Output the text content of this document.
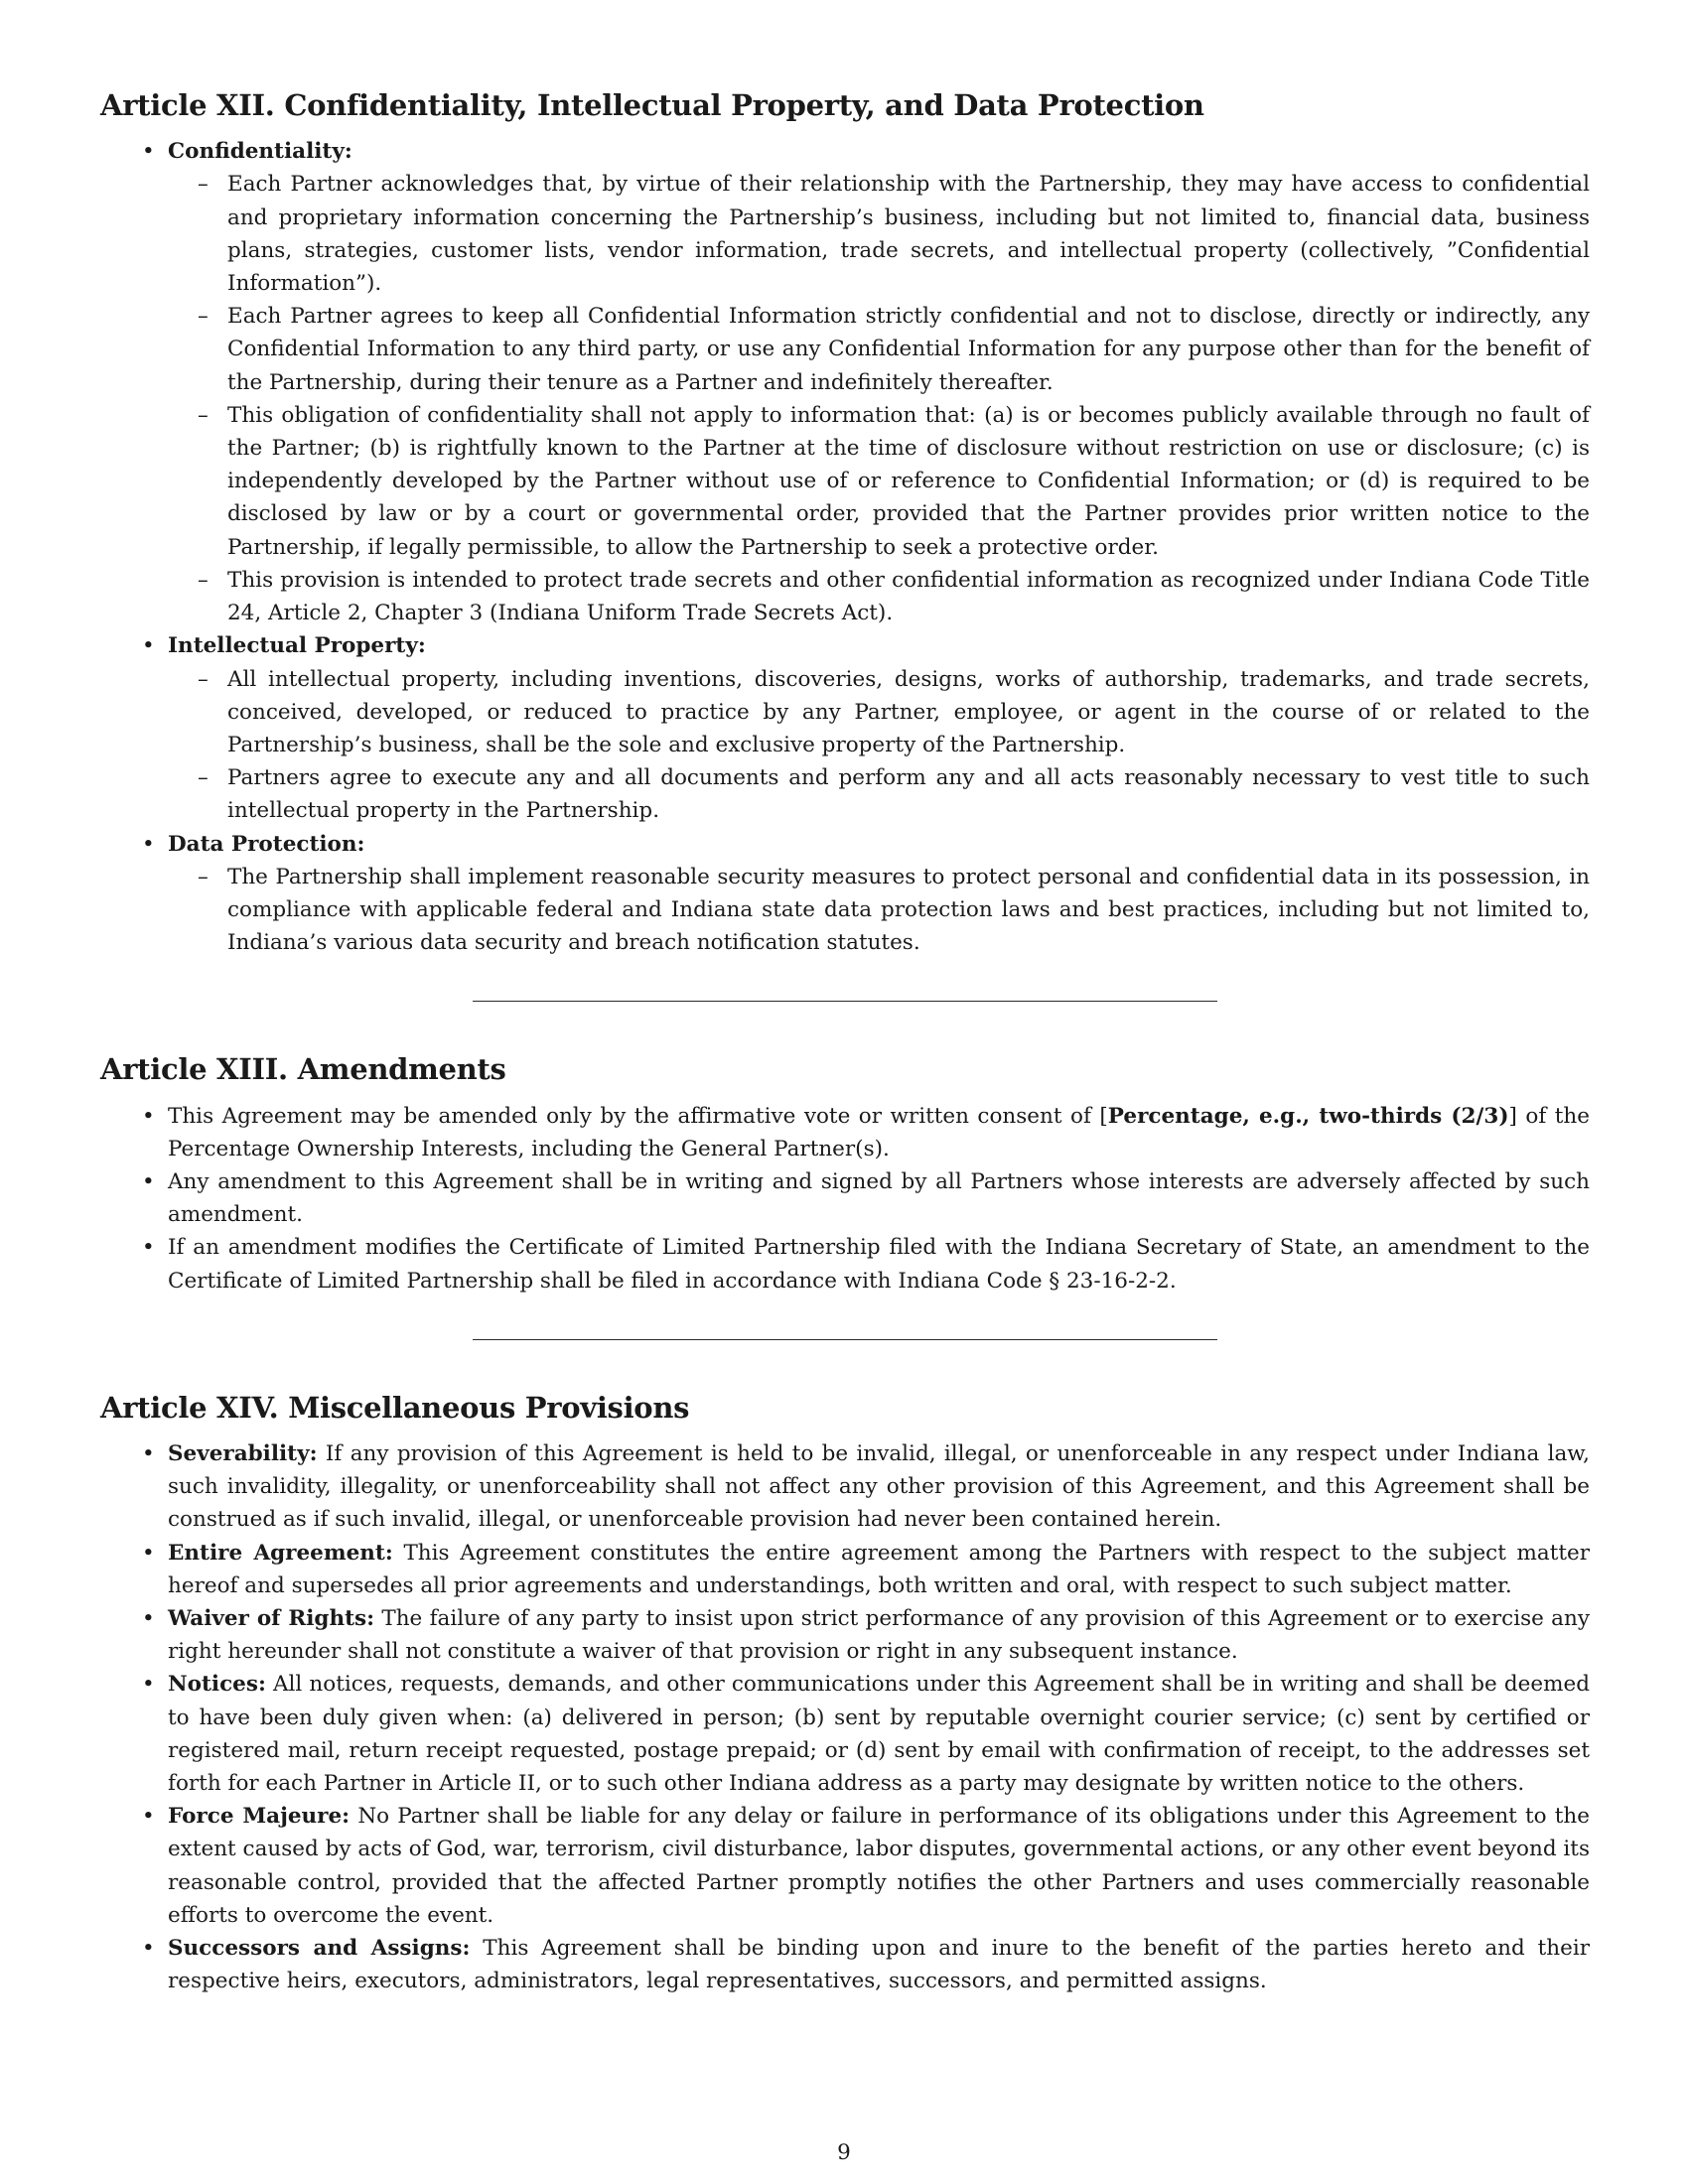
Article XII. Confidentiality, Intellectual Property, and Data Protection
• Confidentiality:
– Each Partner acknowledges that, by virtue of their relationship with the Partnership, they may have access to confidential and proprietary information concerning the Partnership’s business, including but not limited to, financial data, business plans, strategies, customer lists, vendor information, trade secrets, and intellectual property (collectively, ”Confidential Information”).
– Each Partner agrees to keep all Confidential Information strictly confidential and not to disclose, directly or indirectly, any Confidential Information to any third party, or use any Confidential Information for any purpose other than for the benefit of the Partnership, during their tenure as a Partner and indefinitely thereafter.
– This obligation of confidentiality shall not apply to information that: (a) is or becomes publicly available through no fault of the Partner; (b) is rightfully known to the Partner at the time of disclosure without restriction on use or disclosure; (c) is independently developed by the Partner without use of or reference to Confidential Information; or (d) is required to be disclosed by law or by a court or governmental order, provided that the Partner provides prior written notice to the Partnership, if legally permissible, to allow the Partnership to seek a protective order.
– This provision is intended to protect trade secrets and other confidential information as recognized under Indiana Code Title 24, Article 2, Chapter 3 (Indiana Uniform Trade Secrets Act).
• Intellectual Property:
– All intellectual property, including inventions, discoveries, designs, works of authorship, trademarks, and trade secrets, conceived, developed, or reduced to practice by any Partner, employee, or agent in the course of or related to the Partnership’s business, shall be the sole and exclusive property of the Partnership.
– Partners agree to execute any and all documents and perform any and all acts reasonably necessary to vest title to such intellectual property in the Partnership.
• Data Protection:
– The Partnership shall implement reasonable security measures to protect personal and confidential data in its possession, in compliance with applicable federal and Indiana state data protection laws and best practices, including but not limited to, Indiana’s various data security and breach notification statutes.
Article XIII. Amendments
• This Agreement may be amended only by the affirmative vote or written consent of [Percentage, e.g., two-thirds (2/3)] of the Percentage Ownership Interests, including the General Partner(s).
• Any amendment to this Agreement shall be in writing and signed by all Partners whose interests are adversely affected by such amendment.
• If an amendment modifies the Certificate of Limited Partnership filed with the Indiana Secretary of State, an amendment to the Certificate of Limited Partnership shall be filed in accordance with Indiana Code § 23-16-2-2.
Article XIV. Miscellaneous Provisions
• Severability: If any provision of this Agreement is held to be invalid, illegal, or unenforceable in any respect under Indiana law, such invalidity, illegality, or unenforceability shall not affect any other provision of this Agreement, and this Agreement shall be construed as if such invalid, illegal, or unenforceable provision had never been contained herein.
• Entire Agreement: This Agreement constitutes the entire agreement among the Partners with respect to the subject matter hereof and supersedes all prior agreements and understandings, both written and oral, with respect to such subject matter.
• Waiver of Rights: The failure of any party to insist upon strict performance of any provision of this Agreement or to exercise any right hereunder shall not constitute a waiver of that provision or right in any subsequent instance.
• Notices: All notices, requests, demands, and other communications under this Agreement shall be in writing and shall be deemed to have been duly given when: (a) delivered in person; (b) sent by reputable overnight courier service; (c) sent by certified or registered mail, return receipt requested, postage prepaid; or (d) sent by email with confirmation of receipt, to the addresses set forth for each Partner in Article II, or to such other Indiana address as a party may designate by written notice to the others.
• Force Majeure: No Partner shall be liable for any delay or failure in performance of its obligations under this Agreement to the extent caused by acts of God, war, terrorism, civil disturbance, labor disputes, governmental actions, or any other event beyond its reasonable control, provided that the affected Partner promptly notifies the other Partners and uses commercially reasonable efforts to overcome the event.
• Successors and Assigns: This Agreement shall be binding upon and inure to the benefit of the parties hereto and their respective heirs, executors, administrators, legal representatives, successors, and permitted assigns.
9
